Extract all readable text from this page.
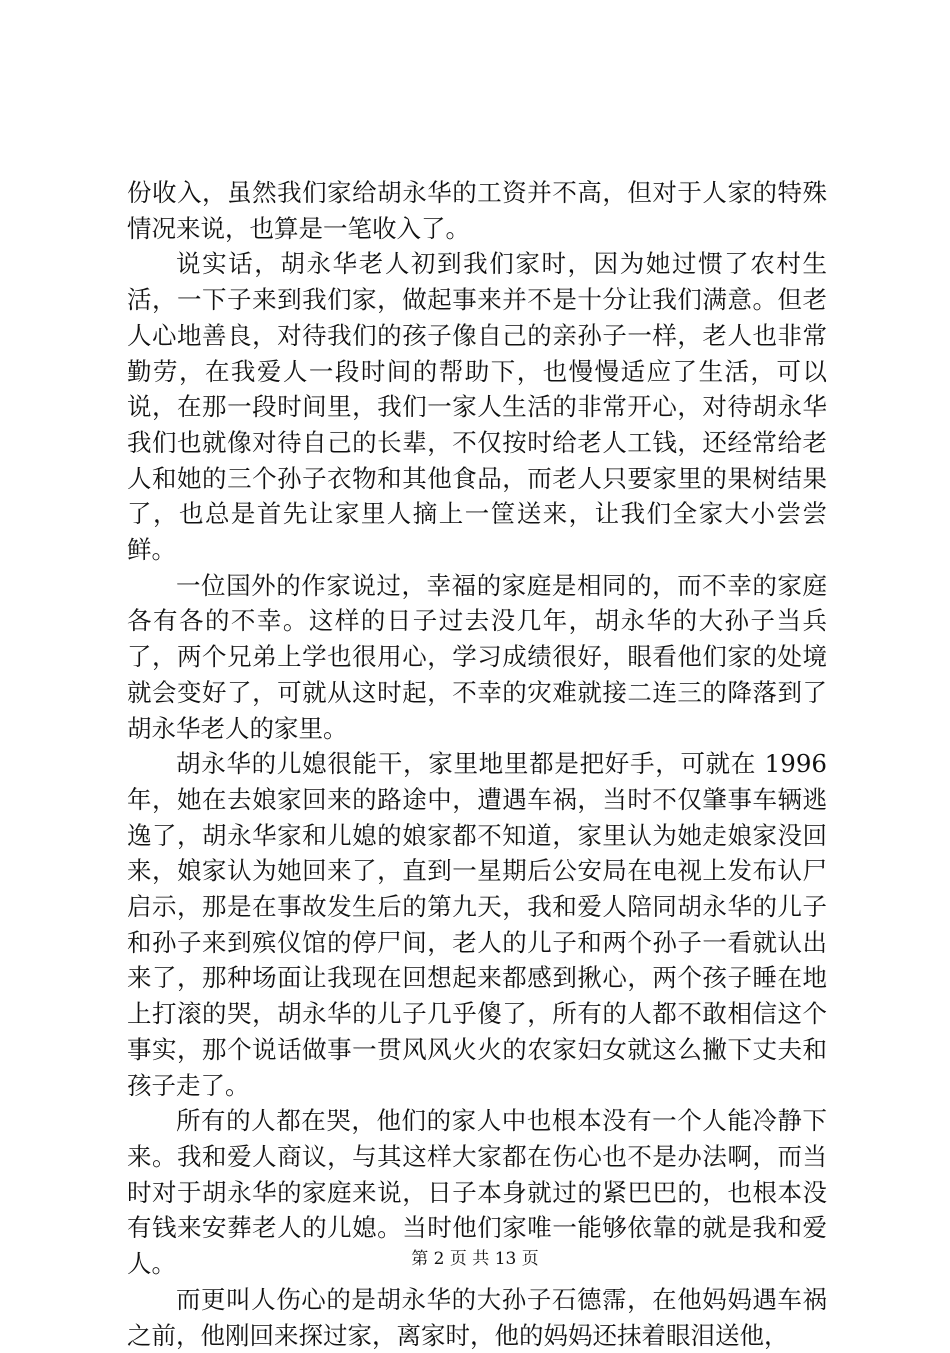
份收入，虽然我们家给胡永华的工资并不高，但对于人家的特殊情况来说，也算是一笔收入了。

说实话，胡永华老人初到我们家时，因为她过惯了农村生活，一下子来到我们家，做起事来并不是十分让我们满意。但老人心地善良，对待我们的孩子像自己的亲孙子一样，老人也非常勤劳，在我爱人一段时间的帮助下，也慢慢适应了生活，可以说，在那一段时间里，我们一家人生活的非常开心，对待胡永华我们也就像对待自己的长辈，不仅按时给老人工钱，还经常给老人和她的三个孙子衣物和其他食品，而老人只要家里的果树结果了，也总是首先让家里人摘上一筐送来，让我们全家大小尝尝鲜。

一位国外的作家说过，幸福的家庭是相同的，而不幸的家庭各有各的不幸。这样的日子过去没几年，胡永华的大孙子当兵了，两个兄弟上学也很用心，学习成绩很好，眼看他们家的处境就会变好了，可就从这时起，不幸的灾难就接二连三的降落到了胡永华老人的家里。

胡永华的儿媳很能干，家里地里都是把好手，可就在 1996 年，她在去娘家回来的路途中，遭遇车祸，当时不仅肇事车辆逃逸了，胡永华家和儿媳的娘家都不知道，家里认为她走娘家没回来，娘家认为她回来了，直到一星期后公安局在电视上发布认尸启示，那是在事故发生后的第九天，我和爱人陪同胡永华的儿子和孙子来到殡仪馆的停尸间，老人的儿子和两个孙子一看就认出来了，那种场面让我现在回想起来都感到揪心，两个孩子睡在地上打滚的哭，胡永华的儿子几乎傻了，所有的人都不敢相信这个事实，那个说话做事一贯风风火火的农家妇女就这么撇下丈夫和孩子走了。

所有的人都在哭，他们的家人中也根本没有一个人能冷静下来。我和爱人商议，与其这样大家都在伤心也不是办法啊，而当时对于胡永华的家庭来说，日子本身就过的紧巴巴的，也根本没有钱来安葬老人的儿媳。当时他们家唯一能够依靠的就是我和爱人。

而更叫人伤心的是胡永华的大孙子石德霈，在他妈妈遇车祸之前，他刚回来探过家，离家时，他的妈妈还抹着眼泪送他，

第 2 页 共 13 页
